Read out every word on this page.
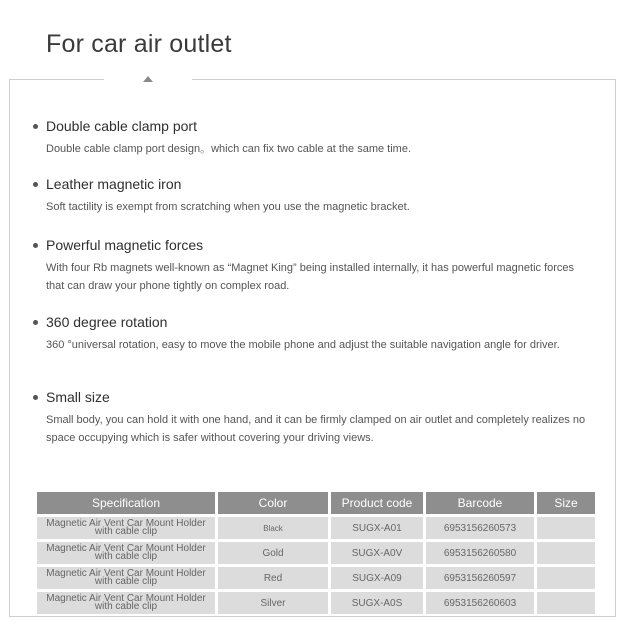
For car air outlet
Double cable clamp port
Double cable clamp port design。which can fix two cable at the same time.
Leather magnetic iron
Soft tactility is exempt from scratching when you use the magnetic bracket.
Powerful magnetic forces
With four Rb magnets well-known as “Magnet King” being installed internally, it has powerful magnetic forces that can draw your phone tightly on complex road.
360 degree rotation
360 °universal rotation, easy to move the mobile phone and adjust the suitable navigation angle for driver.
Small size
Small body, you can hold it with one hand, and it can be firmly clamped on air outlet and completely realizes no space occupying which is safer without covering your driving views.
Specification	Color	Product code	Barcode	Size
Magnetic Air Vent Car Mount Holder with cable clip	Black	SUGX-A01	6953156260573	
Magnetic Air Vent Car Mount Holder with cable clip	Gold	SUGX-A0V	6953156260580	
Magnetic Air Vent Car Mount Holder with cable clip	Red	SUGX-A09	6953156260597	
Magnetic Air Vent Car Mount Holder with cable clip	Silver	SUGX-A0S	6953156260603	
